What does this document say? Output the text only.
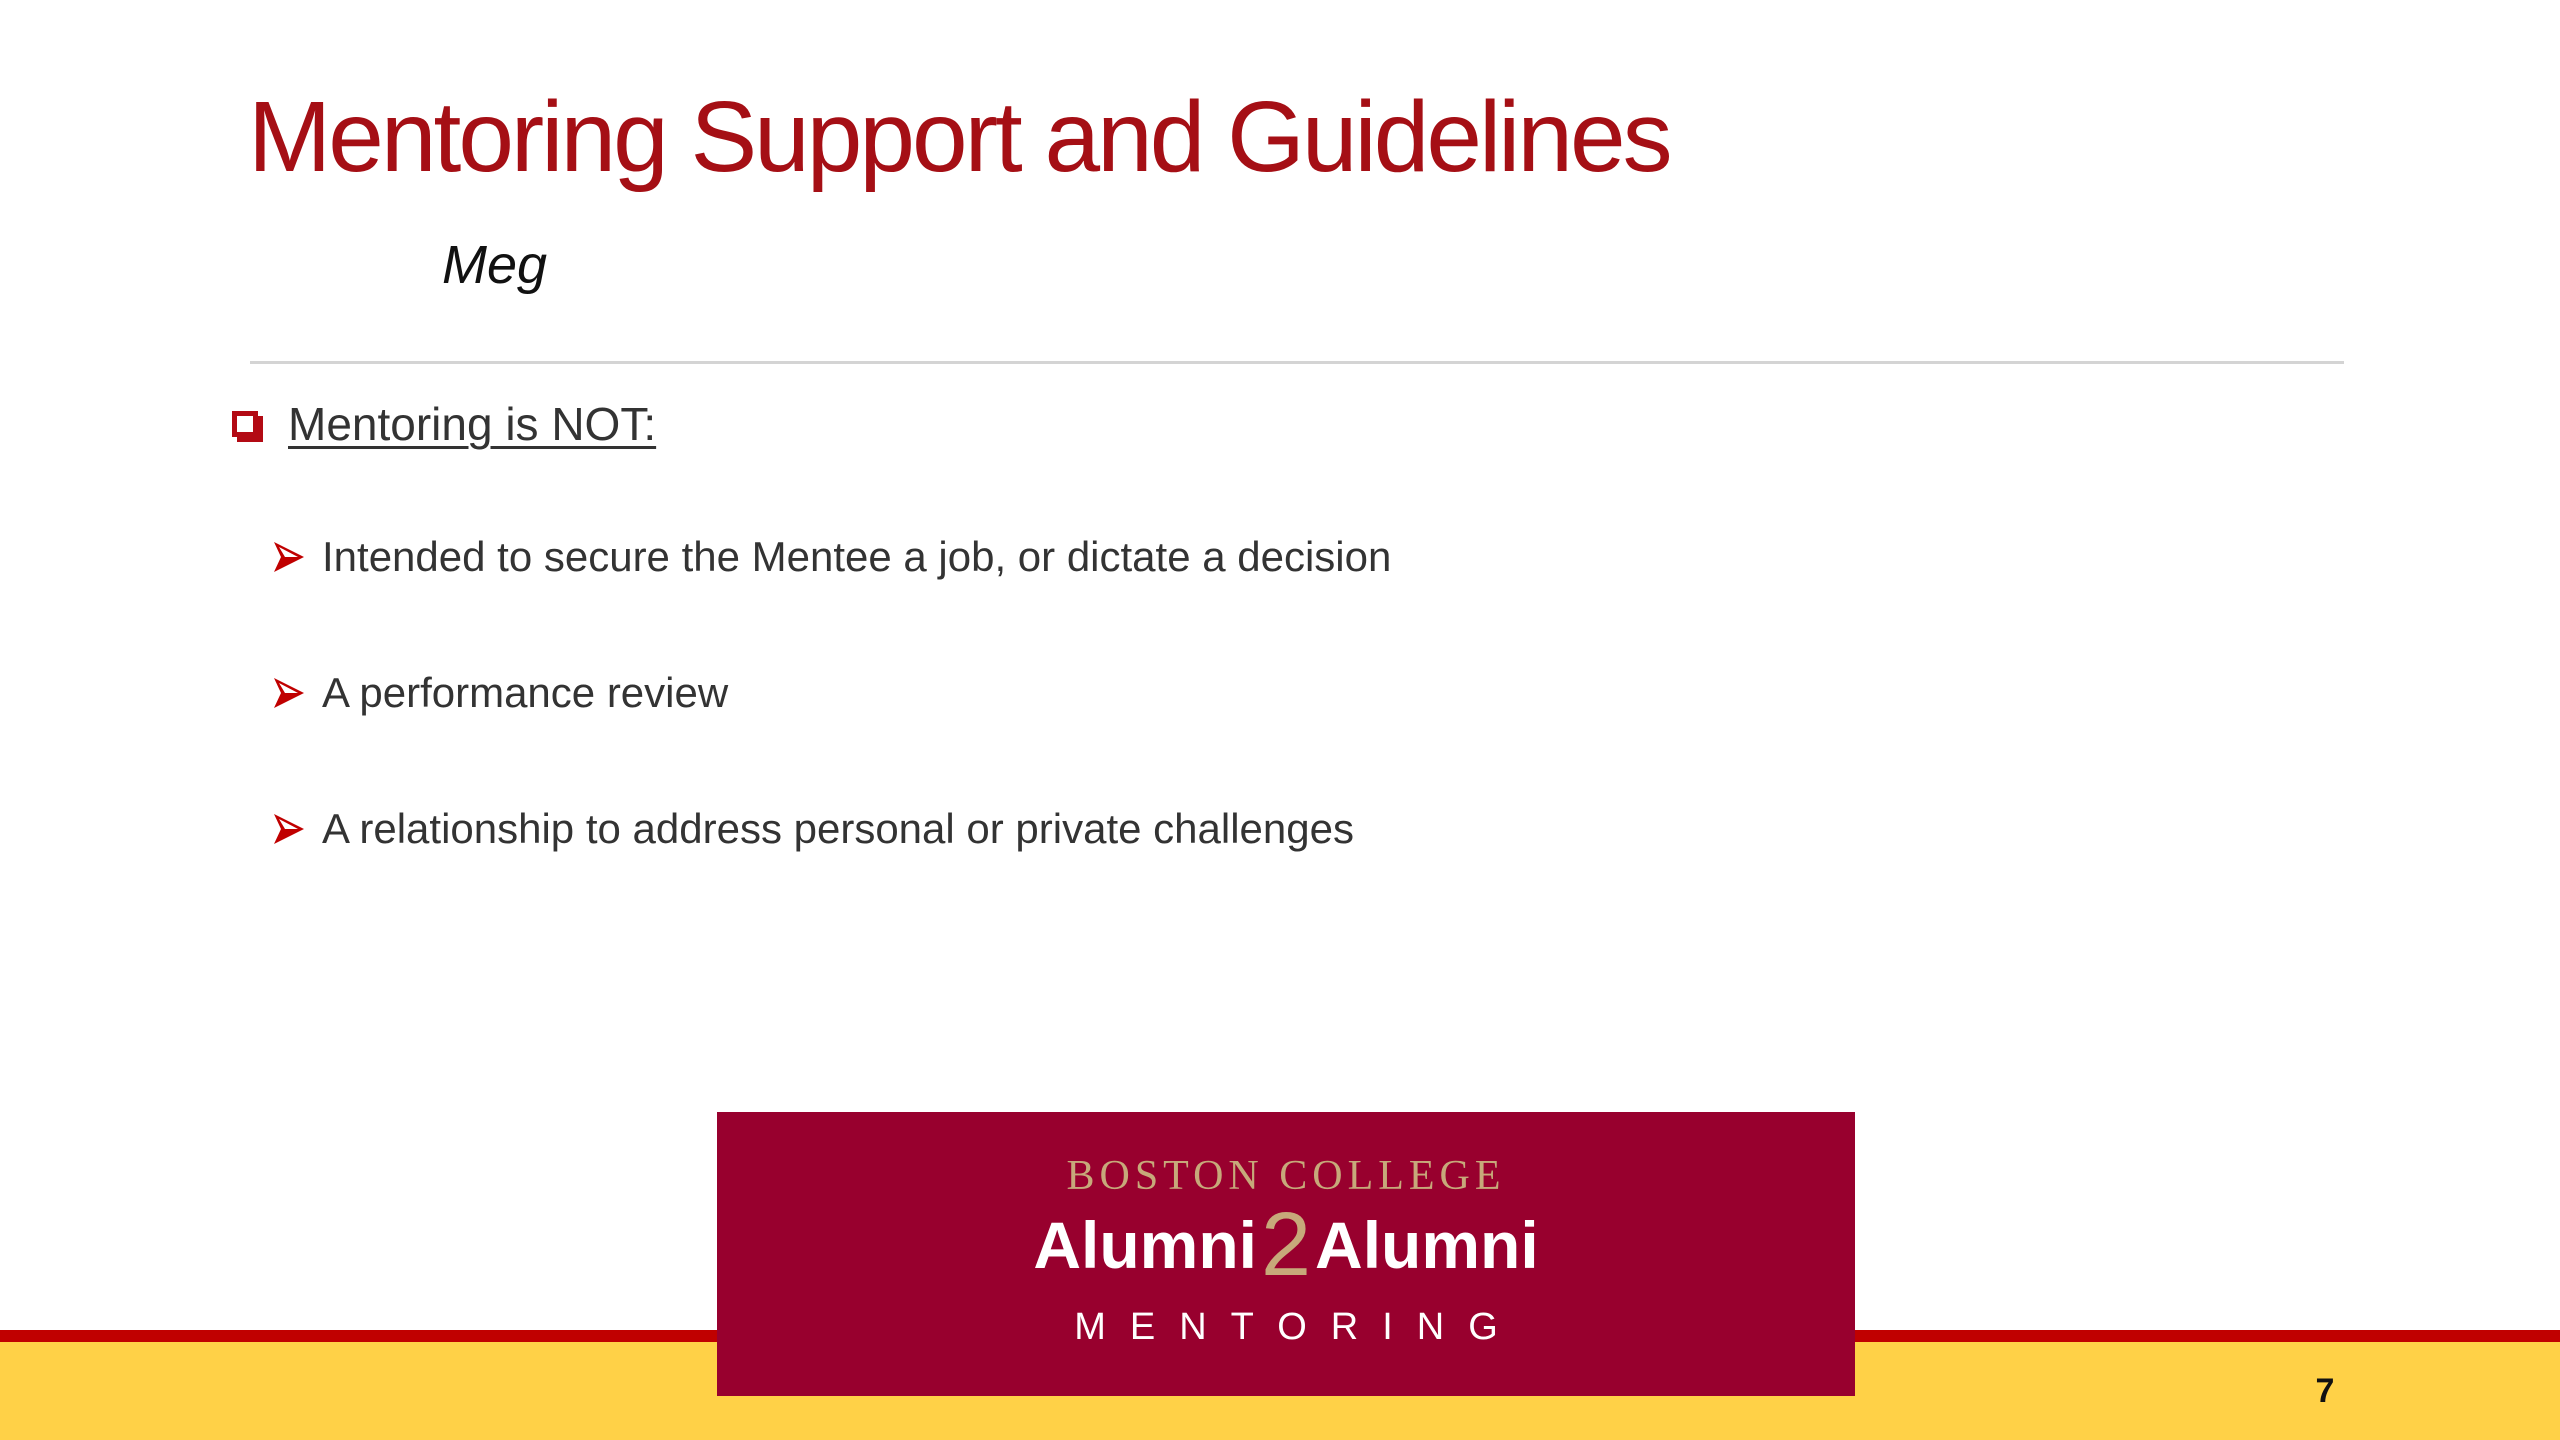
Mentoring Support and Guidelines
Meg
Mentoring is NOT:
Intended to secure the Mentee a job, or dictate a decision
A performance review
A relationship to address personal or private challenges
BOSTON COLLEGE
Alumni2Alumni
MENTORING
7
